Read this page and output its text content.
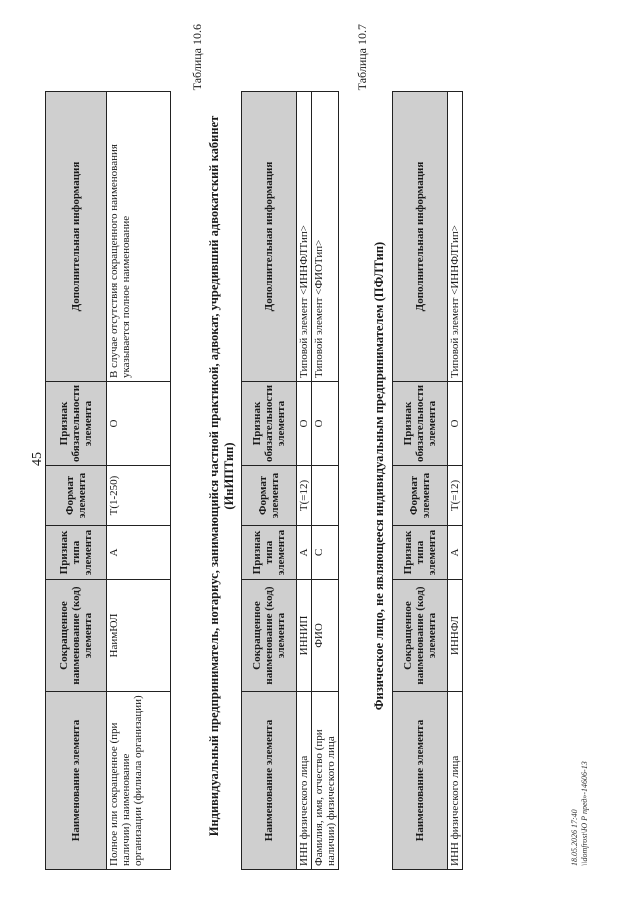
45
Наименование элемента	Сокращенное наименование (код) элемента	Признак типа элемента	Формат элемента	Признак обязательности элемента	Дополнительная информация
Полное или сокращенное (при наличии) наименование организации (филиала организации)	НаимЮЛ	А	T(1-250)	О	В случае отсутствия сокращенного наименования указывается полное наименование
Таблица 10.6
Индивидуальный предприниматель, нотариус, занимающийся частной практикой, адвокат, учредивший адвокатский кабинет (ИнИПТип)
Наименование элемента	Сокращенное наименование (код) элемента	Признак типа элемента	Формат элемента	Признак обязательности элемента	Дополнительная информация
ИНН физического лица	ИННИП	А	T(=12)	О	Типовой элемент <ИННФЛТип>
Фамилия, имя, отчество (при наличии) физического лица	ФИО	С		О	Типовой элемент <ФИОТип>
Таблица 10.7
Физическое лицо, не являющееся индивидуальным предпринимателем (ПФЛТип)
Наименование элемента	Сокращенное наименование (код) элемента	Признак типа элемента	Формат элемента	Признак обязательности элемента	Дополнительная информация
ИНН физического лица	ИННФЛ	А	T(=12)	О	Типовой элемент <ИННФЛТип>
18.05.2026 17:40 \\domfrost\Ю Р пред»-14606-13
